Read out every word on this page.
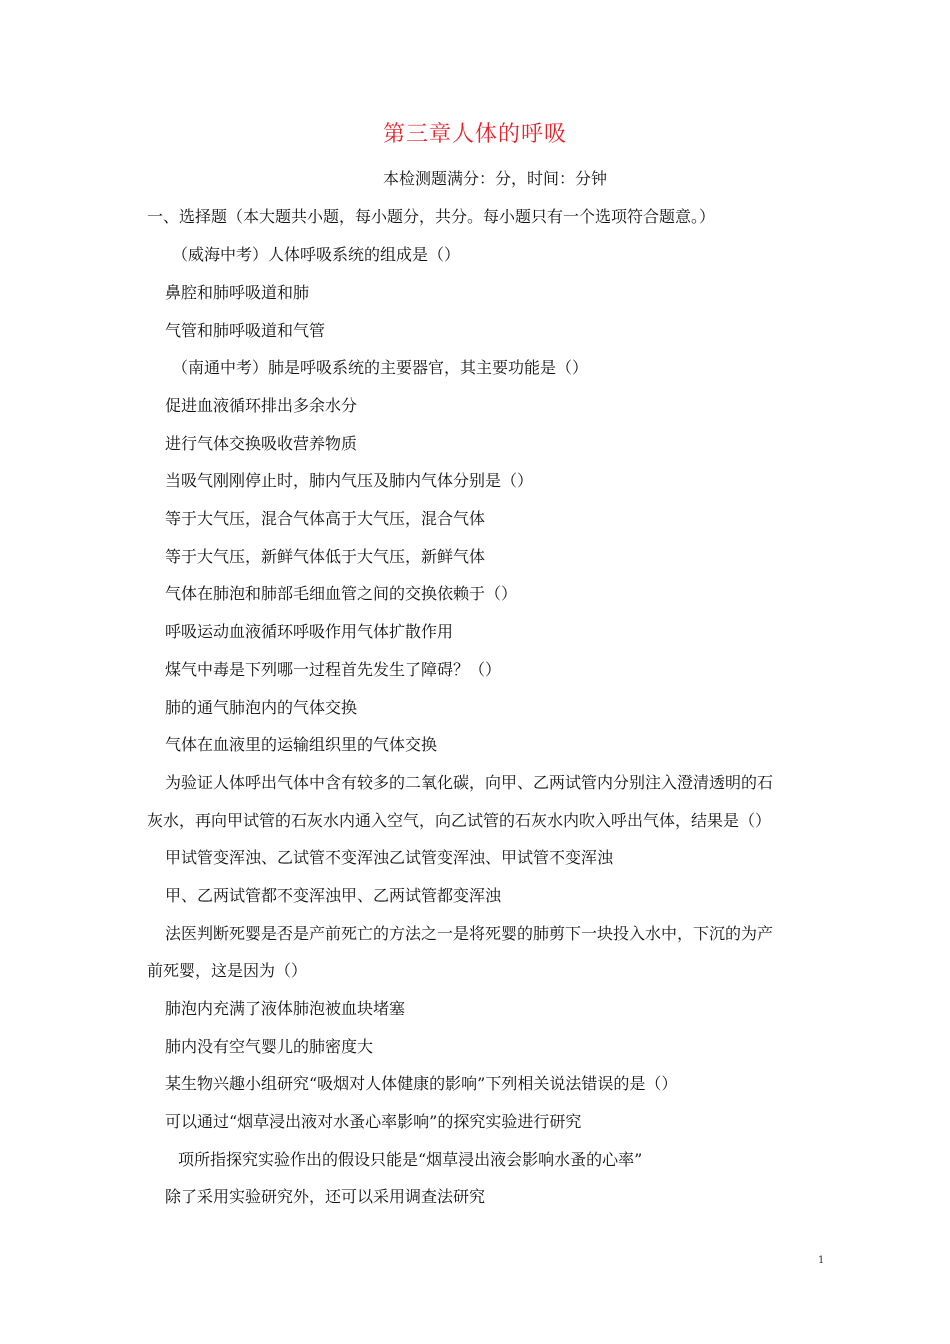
第三章人体的呼吸
本检测题满分：分，时间：分钟
一、选择题（本大题共小题，每小题分，共分。每小题只有一个选项符合题意。）
（威海中考）人体呼吸系统的组成是（）
鼻腔和肺呼吸道和肺
气管和肺呼吸道和气管
（南通中考）肺是呼吸系统的主要器官，其主要功能是（）
促进血液循环排出多余水分
进行气体交换吸收营养物质
当吸气刚刚停止时，肺内气压及肺内气体分别是（）
等于大气压，混合气体高于大气压，混合气体
等于大气压，新鲜气体低于大气压，新鲜气体
气体在肺泡和肺部毛细血管之间的交换依赖于（）
呼吸运动血液循环呼吸作用气体扩散作用
煤气中毒是下列哪一过程首先发生了障碍？（）
肺的通气肺泡内的气体交换
气体在血液里的运输组织里的气体交换
为验证人体呼出气体中含有较多的二氧化碳，向甲、乙两试管内分别注入澄清透明的石
灰水，再向甲试管的石灰水内通入空气，向乙试管的石灰水内吹入呼出气体，结果是（）
甲试管变浑浊、乙试管不变浑浊乙试管变浑浊、甲试管不变浑浊
甲、乙两试管都不变浑浊甲、乙两试管都变浑浊
法医判断死婴是否是产前死亡的方法之一是将死婴的肺剪下一块投入水中，下沉的为产
前死婴，这是因为（）
肺泡内充满了液体肺泡被血块堵塞
肺内没有空气婴儿的肺密度大
某生物兴趣小组研究“吸烟对人体健康的影响”下列相关说法错误的是（）
可以通过“烟草浸出液对水蚤心率影响”的探究实验进行研究
项所指探究实验作出的假设只能是“烟草浸出液会影响水蚤的心率”
除了采用实验研究外，还可以采用调查法研究
1
